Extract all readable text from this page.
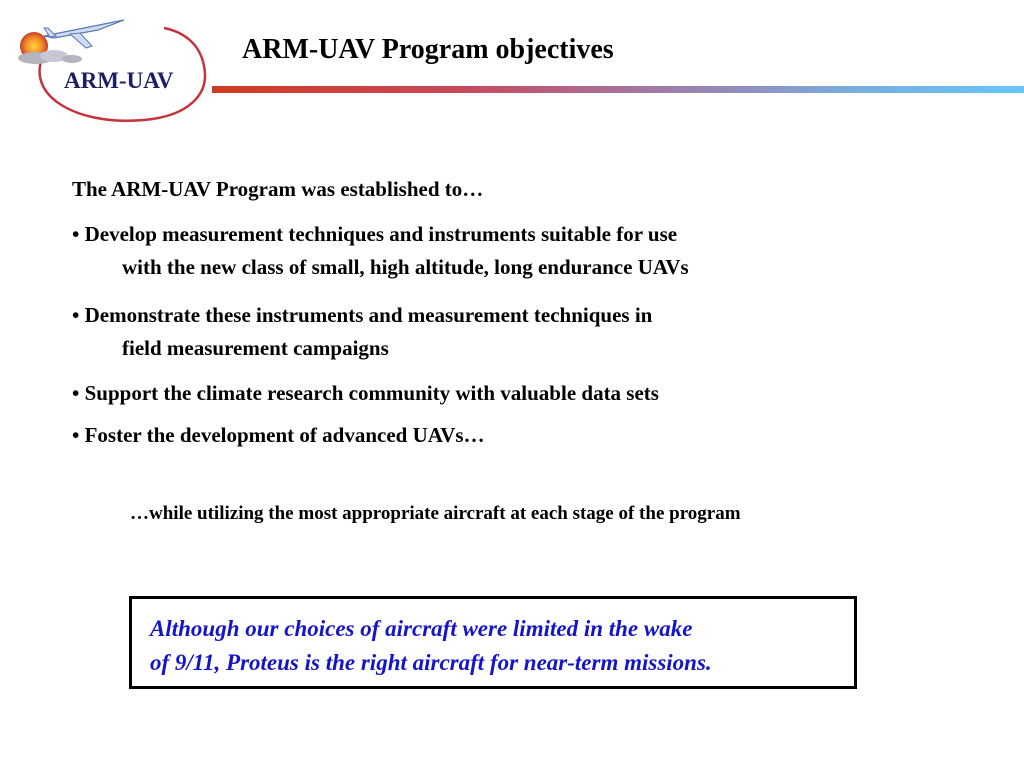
ARM-UAV
ARM-UAV Program objectives
The ARM-UAV Program was established to…
• Develop measurement techniques and instruments suitable for use
with the new class of small, high altitude, long endurance UAVs
• Demonstrate these instruments and measurement techniques in
field measurement campaigns
• Support the climate research community with valuable data sets
• Foster the development of advanced UAVs…
…while utilizing the most appropriate aircraft at each stage of the program
Although our choices of aircraft were limited in the wake
of 9/11, Proteus is the right aircraft for near-term missions.
